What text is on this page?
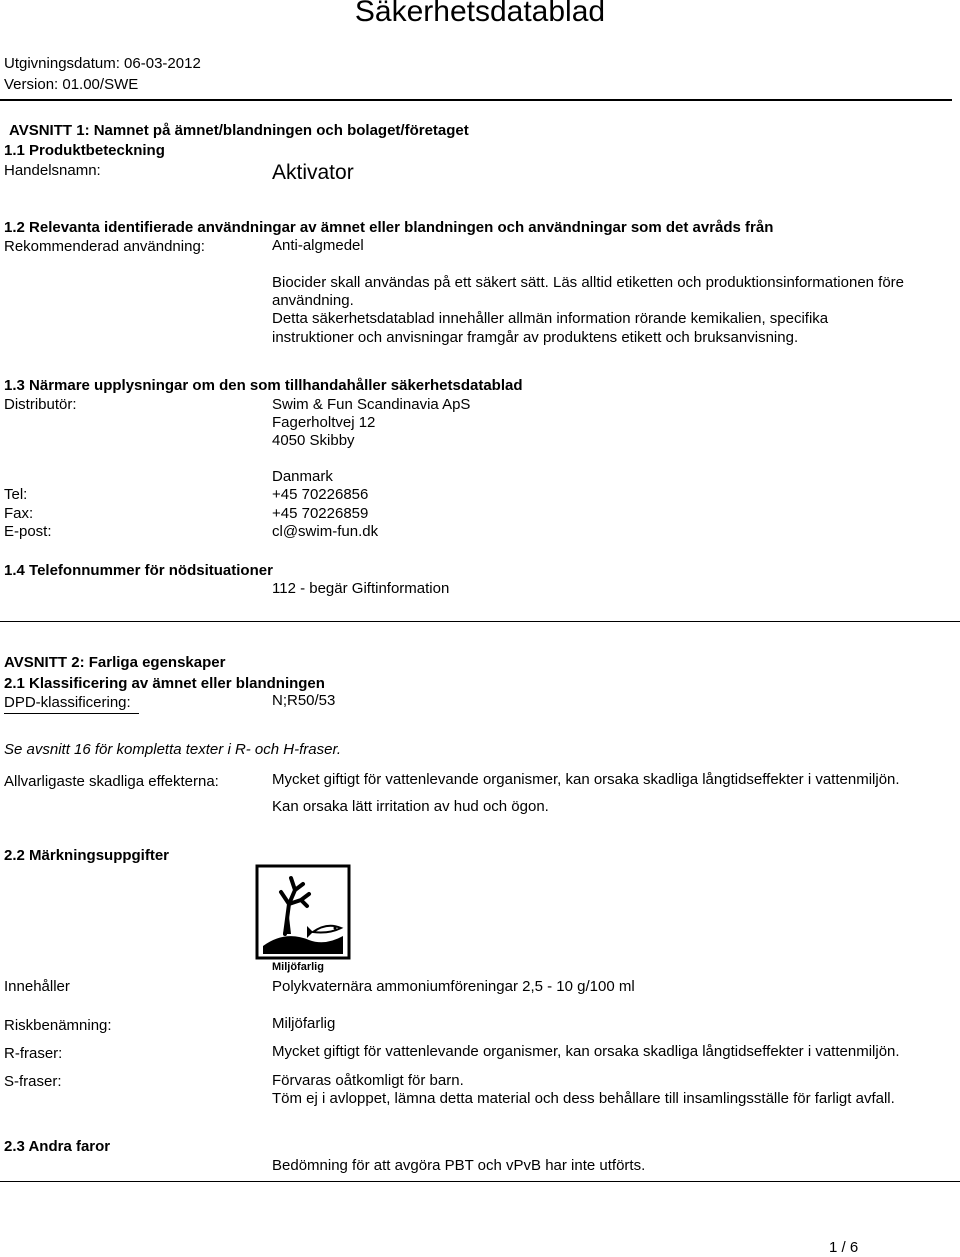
Säkerhetsdatablad
Utgivningsdatum: 06-03-2012
Version: 01.00/SWE
AVSNITT 1: Namnet på ämnet/blandningen och bolaget/företaget
1.1 Produktbeteckning
Handelsnamn:	Aktivator
1.2 Relevanta identifierade användningar av ämnet eller blandningen och användningar som det avråds från
Rekommenderad användning:	Anti-algmedel
Biocider skall användas på ett säkert sätt. Läs alltid etiketten och produktionsinformationen före
användning.
Detta säkerhetsdatablad innehåller allmän information rörande kemikalien, specifika
instruktioner och anvisningar framgår av produktens etikett och bruksanvisning.
1.3 Närmare upplysningar om den som tillhandahåller säkerhetsdatablad
Distributör:	Swim & Fun Scandinavia ApS
Fagerholtvej 12
4050 Skibby
Danmark
Tel:	+45 70226856
Fax:	+45 70226859
E-post:	cl@swim-fun.dk
1.4 Telefonnummer för nödsituationer
112 - begär Giftinformation
AVSNITT 2: Farliga egenskaper
2.1 Klassificering av ämnet eller blandningen
DPD-klassificering:	N;R50/53
Se avsnitt 16 för kompletta texter i R- och H-fraser.
Allvarligaste skadliga effekterna:	Mycket giftigt för vattenlevande organismer, kan orsaka skadliga långtidseffekter i vattenmiljön.
Kan orsaka lätt irritation av hud och ögon.
2.2 Märkningsuppgifter
Miljöfarlig
Innehåller	Polykvaternära ammoniumföreningar 2,5 - 10 g/100 ml
Riskbenämning:	Miljöfarlig
R-fraser:	Mycket giftigt för vattenlevande organismer, kan orsaka skadliga långtidseffekter i vattenmiljön.
S-fraser:	Förvaras oåtkomligt för barn.
Töm ej i avloppet, lämna detta material och dess behållare till insamlingsställe för farligt avfall.
2.3 Andra faror
Bedömning för att avgöra PBT och vPvB har inte utförts.
1 / 6
